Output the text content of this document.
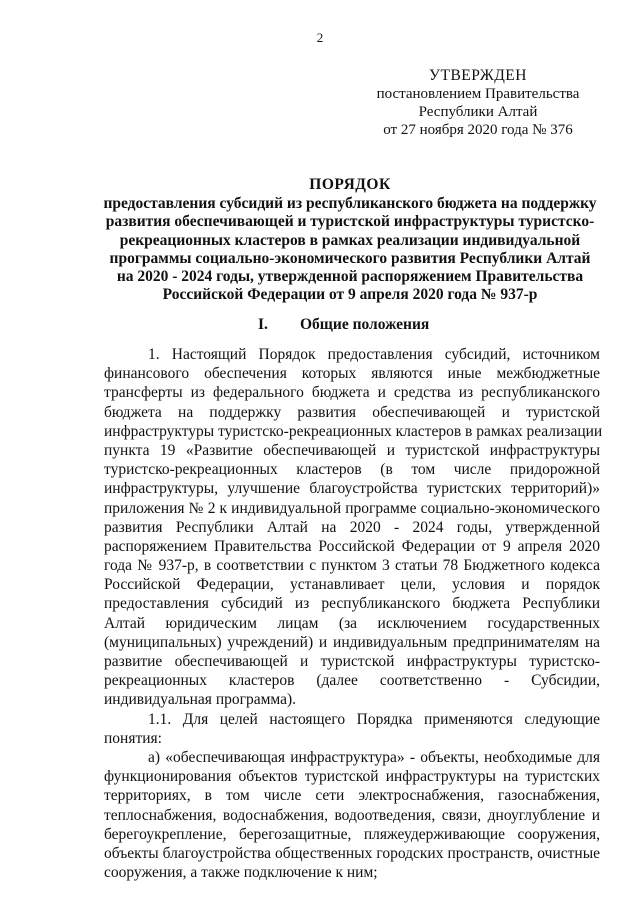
2
УТВЕРЖДЕН
постановлением Правительства
Республики Алтай
от 27 ноября 2020 года № 376
ПОРЯДОК
предоставления субсидий из республиканского бюджета на поддержку
развития обеспечивающей и туристской инфраструктуры туристско-
рекреационных кластеров в рамках реализации индивидуальной
программы социально-экономического развития Республики Алтай
на 2020 - 2024 годы, утвержденной распоряжением Правительства
Российской Федерации от 9 апреля 2020 года № 937-р
I. Общие положения
1. Настоящий Порядок предоставления субсидий, источником
финансового обеспечения которых являются иные межбюджетные
трансферты из федерального бюджета и средства из республиканского
бюджета на поддержку развития обеспечивающей и туристской
инфраструктуры туристско-рекреационных кластеров в рамках реализации
пункта 19 «Развитие обеспечивающей и туристской инфраструктуры
туристско-рекреационных кластеров (в том числе придорожной
инфраструктуры, улучшение благоустройства туристских территорий)»
приложения № 2 к индивидуальной программе социально-экономического
развития Республики Алтай на 2020 - 2024 годы, утвержденной
распоряжением Правительства Российской Федерации от 9 апреля 2020
года № 937-р, в соответствии с пунктом 3 статьи 78 Бюджетного кодекса
Российской Федерации, устанавливает цели, условия и порядок
предоставления субсидий из республиканского бюджета Республики
Алтай юридическим лицам (за исключением государственных
(муниципальных) учреждений) и индивидуальным предпринимателям на
развитие обеспечивающей и туристской инфраструктуры туристско-
рекреационных кластеров (далее соответственно - Субсидии,
индивидуальная программа).
1.1. Для целей настоящего Порядка применяются следующие
понятия:
а) «обеспечивающая инфраструктура» - объекты, необходимые для
функционирования объектов туристской инфраструктуры на туристских
территориях, в том числе сети электроснабжения, газоснабжения,
теплоснабжения, водоснабжения, водоотведения, связи, дноуглубление и
берегоукрепление, берегозащитные, пляжеудерживающие сооружения,
объекты благоустройства общественных городских пространств, очистные
сооружения, а также подключение к ним;
